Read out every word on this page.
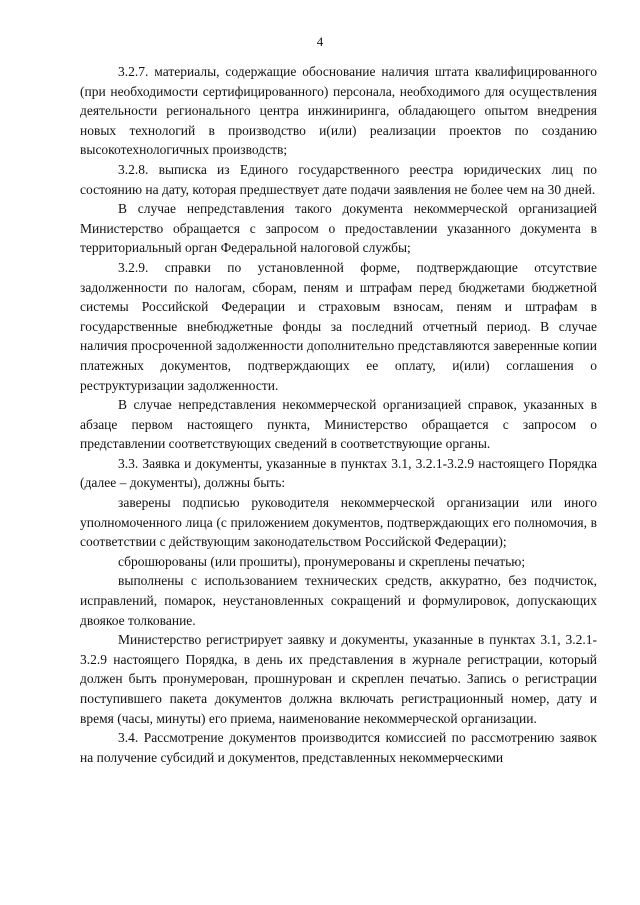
4

3.2.7. материалы, содержащие обоснование наличия штата квалифицированного (при необходимости сертифицированного) персонала, необходимого для осуществления деятельности регионального центра инжиниринга, обладающего опытом внедрения новых технологий в производство и(или) реализации проектов по созданию высокотехнологичных производств;

3.2.8. выписка из Единого государственного реестра юридических лиц по состоянию на дату, которая предшествует дате подачи заявления не более чем на 30 дней.

В случае непредставления такого документа некоммерческой организацией Министерство обращается с запросом о предоставлении указанного документа в территориальный орган Федеральной налоговой службы;

3.2.9. справки по установленной форме, подтверждающие отсутствие задолженности по налогам, сборам, пеням и штрафам перед бюджетами бюджетной системы Российской Федерации и страховым взносам, пеням и штрафам в государственные внебюджетные фонды за последний отчетный период. В случае наличия просроченной задолженности дополнительно представляются заверенные копии платежных документов, подтверждающих ее оплату, и(или) соглашения о реструктуризации задолженности.

В случае непредставления некоммерческой организацией справок, указанных в абзаце первом настоящего пункта, Министерство обращается с запросом о представлении соответствующих сведений в соответствующие органы.

3.3. Заявка и документы, указанные в пунктах 3.1, 3.2.1-3.2.9 настоящего Порядка (далее – документы), должны быть:

заверены подписью руководителя некоммерческой организации или иного уполномоченного лица (с приложением документов, подтверждающих его полномочия, в соответствии с действующим законодательством Российской Федерации);

сброшюрованы (или прошиты), пронумерованы и скреплены печатью;

выполнены с использованием технических средств, аккуратно, без подчисток, исправлений, помарок, неустановленных сокращений и формулировок, допускающих двоякое толкование.

Министерство регистрирует заявку и документы, указанные в пунктах 3.1, 3.2.1-3.2.9 настоящего Порядка, в день их представления в журнале регистрации, который должен быть пронумерован, прошнурован и скреплен печатью. Запись о регистрации поступившего пакета документов должна включать регистрационный номер, дату и время (часы, минуты) его приема, наименование некоммерческой организации.

3.4. Рассмотрение документов производится комиссией по рассмотрению заявок на получение субсидий и документов, представленных некоммерческими
